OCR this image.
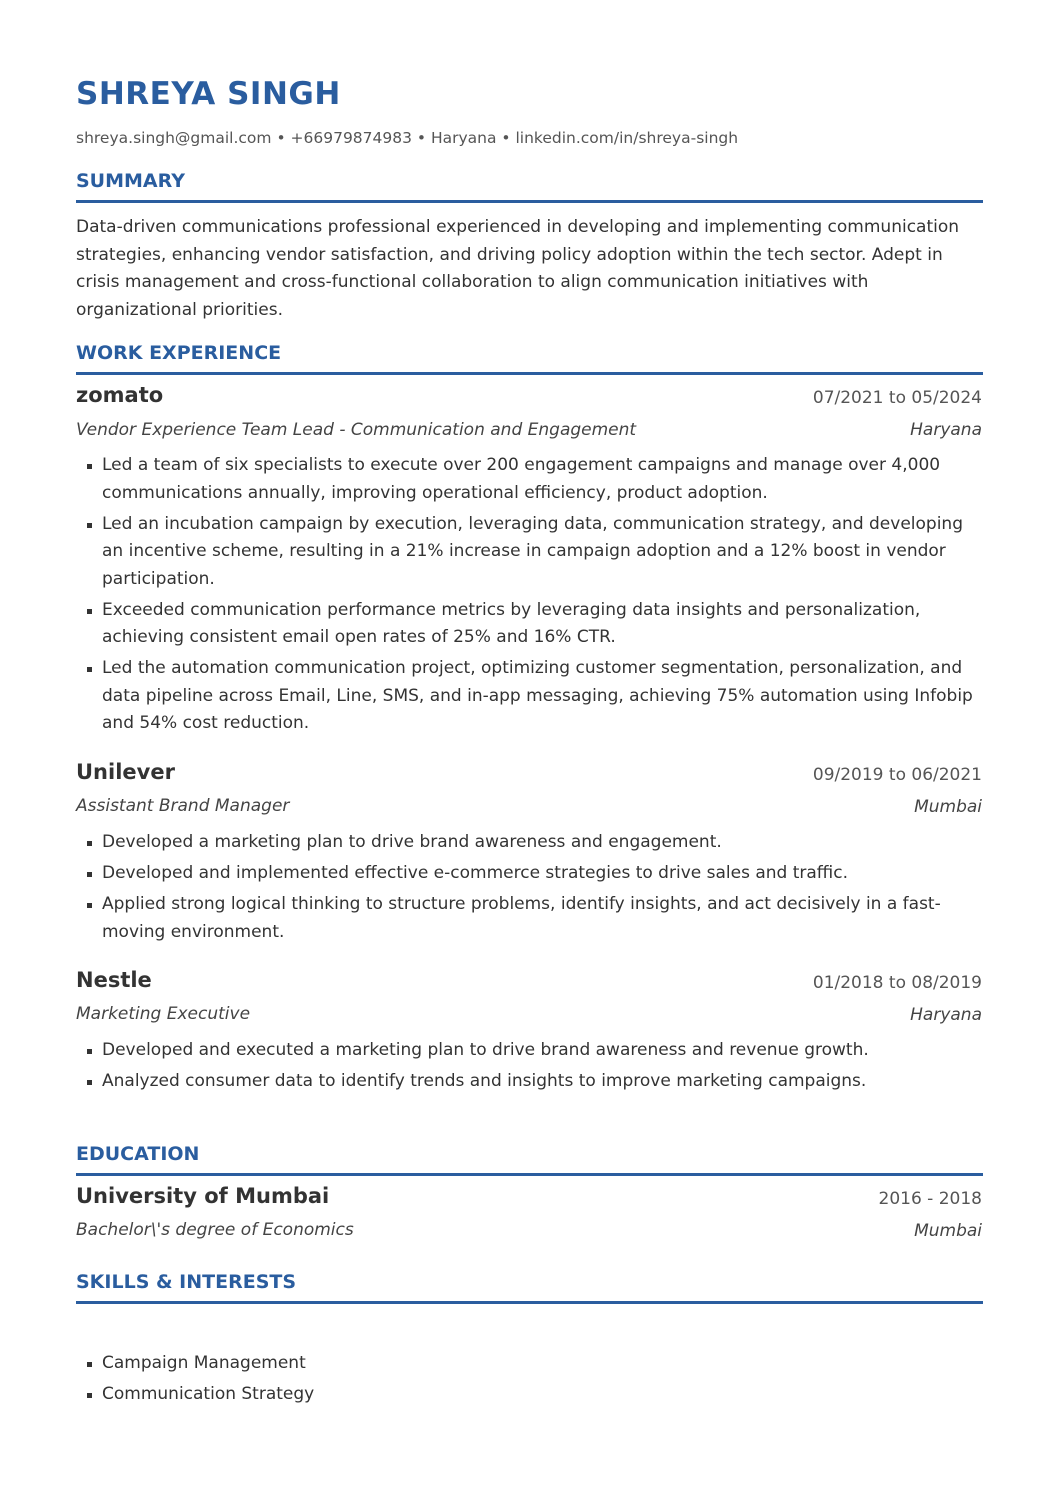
SHREYA SINGH
shreya.singh@gmail.com • +66979874983 • Haryana • linkedin.com/in/shreya-singh
SUMMARY
Data-driven communications professional experienced in developing and implementing communication strategies, enhancing vendor satisfaction, and driving policy adoption within the tech sector. Adept in crisis management and cross-functional collaboration to align communication initiatives with organizational priorities.
WORK EXPERIENCE
zomato	07/2021 to 05/2024
Vendor Experience Team Lead - Communication and Engagement	Haryana
Led a team of six specialists to execute over 200 engagement campaigns and manage over 4,000 communications annually, improving operational efficiency, product adoption.
Led an incubation campaign by execution, leveraging data, communication strategy, and developing an incentive scheme, resulting in a 21% increase in campaign adoption and a 12% boost in vendor participation.
Exceeded communication performance metrics by leveraging data insights and personalization, achieving consistent email open rates of 25% and 16% CTR.
Led the automation communication project, optimizing customer segmentation, personalization, and data pipeline across Email, Line, SMS, and in-app messaging, achieving 75% automation using Infobip and 54% cost reduction.
Unilever	09/2019 to 06/2021
Assistant Brand Manager	Mumbai
Developed a marketing plan to drive brand awareness and engagement.
Developed and implemented effective e-commerce strategies to drive sales and traffic.
Applied strong logical thinking to structure problems, identify insights, and act decisively in a fast-moving environment.
Nestle	01/2018 to 08/2019
Marketing Executive	Haryana
Developed and executed a marketing plan to drive brand awareness and revenue growth.
Analyzed consumer data to identify trends and insights to improve marketing campaigns.
EDUCATION
University of Mumbai	2016 - 2018
Bachelor\'s degree of Economics	Mumbai
SKILLS & INTERESTS
Campaign Management
Communication Strategy
